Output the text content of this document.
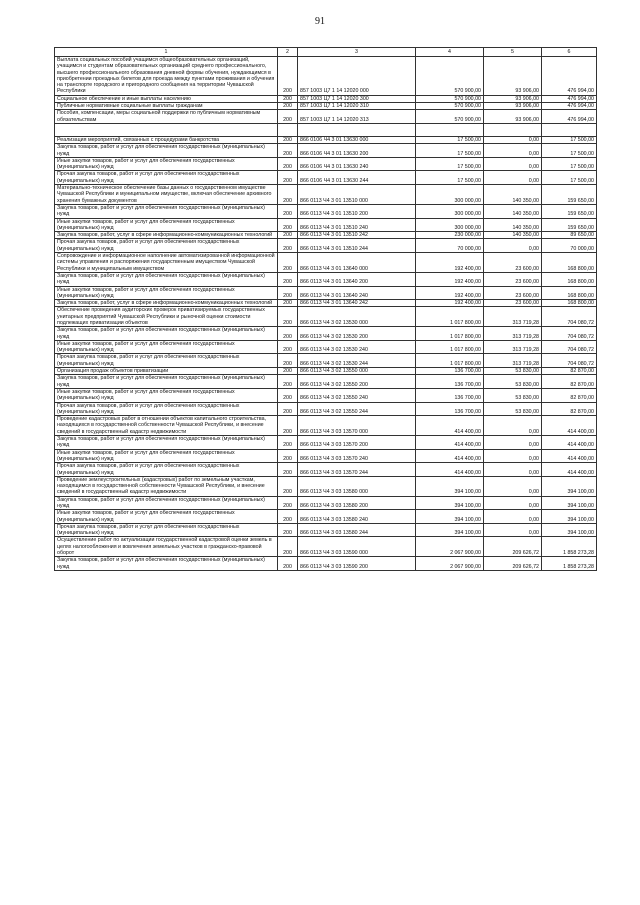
91
1	2	3	4	5	6
Выплата социальных пособий учащимся общеобразовательных организаций, учащимся и студентам образовательных организаций среднего профессионального, высшего профессионального образования дневной формы обучения, нуждающимся в приобретении проездных билетов для проезда между пунктами проживания и обучения на транспорте городского и пригородного сообщения на территории Чувашской Республики	200	857 1003 Ц7 1 14 12020 000	570 900,00	93 906,00	476 994,00
Социальное обеспечение и иные выплаты населению	200	857 1003 Ц7 1 14 12020 300	570 900,00	93 906,00	476 994,00
Публичные нормативные социальные выплаты гражданам	200	857 1003 Ц7 1 14 12020 310	570 900,00	93 906,00	476 994,00
Пособия, компенсации, меры социальной поддержки по публичным нормативным обязательствам	200	857 1003 Ц7 1 14 12020 313	570 900,00	93 906,00	476 994,00

Реализация мероприятий, связанных с процедурами банкротства	200	866 0106 Ч4 3 01 13630 000	17 500,00	0,00	17 500,00
Закупка товаров, работ и услуг для обеспечения государственных (муниципальных) нужд	200	866 0106 Ч4 3 01 13630 200	17 500,00	0,00	17 500,00
Иные закупки товаров, работ и услуг для обеспечения государственных (муниципальных) нужд	200	866 0106 Ч4 3 01 13630 240	17 500,00	0,00	17 500,00
Прочая закупка товаров, работ и услуг для обеспечения государственных (муниципальных) нужд	200	866 0106 Ч4 3 01 13630 244	17 500,00	0,00	17 500,00
Материально-техническое обеспечение базы данных о государственном имуществе Чувашской Республики и муниципальном имуществе, включая обеспечение архивного хранения бумажных документов	200	866 0113 Ч4 3 01 13510 000	300 000,00	140 350,00	159 650,00
Закупка товаров, работ и услуг для обеспечения государственных (муниципальных) нужд	200	866 0113 Ч4 3 01 13510 200	300 000,00	140 350,00	159 650,00
Иные закупки товаров, работ и услуг для обеспечения государственных (муниципальных) нужд	200	866 0113 Ч4 3 01 13510 240	300 000,00	140 350,00	159 650,00
Закупка товаров, работ, услуг в сфере информационно-коммуникационных технологий	200	866 0113 Ч4 3 01 13510 242	230 000,00	140 350,00	89 650,00
Прочая закупка товаров, работ и услуг для обеспечения государственных (муниципальных) нужд	200	866 0113 Ч4 3 01 13510 244	70 000,00	0,00	70 000,00
Сопровождение и информационное наполнение автоматизированной информационной системы управления и распоряжения государственным имуществом Чувашской Республики и муниципальным имуществом	200	866 0113 Ч4 3 01 13640 000	192 400,00	23 600,00	168 800,00
Закупка товаров, работ и услуг для обеспечения государственных (муниципальных) нужд	200	866 0113 Ч4 3 01 13640 200	192 400,00	23 600,00	168 800,00
Иные закупки товаров, работ и услуг для обеспечения государственных (муниципальных) нужд	200	866 0113 Ч4 3 01 13640 240	192 400,00	23 600,00	168 800,00
Закупка товаров, работ, услуг в сфере информационно-коммуникационных технологий	200	866 0113 Ч4 3 01 13640 242	192 400,00	23 600,00	168 800,00
Обеспечение проведения аудиторских проверок приватизируемых государственных унитарных предприятий Чувашской Республики и рыночной оценки стоимости подлежащих приватизации объектов	200	866 0113 Ч4 3 02 13530 000	1 017 800,00	313 719,28	704 080,72
Закупка товаров, работ и услуг для обеспечения государственных (муниципальных) нужд	200	866 0113 Ч4 3 02 13530 200	1 017 800,00	313 719,28	704 080,72
Иные закупки товаров, работ и услуг для обеспечения государственных (муниципальных) нужд	200	866 0113 Ч4 3 02 13530 240	1 017 800,00	313 719,28	704 080,72
Прочая закупка товаров, работ и услуг для обеспечения государственных (муниципальных) нужд	200	866 0113 Ч4 3 02 13530 244	1 017 800,00	313 719,28	704 080,72
Организация продаж объектов приватизации	200	866 0113 Ч4 3 02 13550 000	136 700,00	53 830,00	82 870,00
Закупка товаров, работ и услуг для обеспечения государственных (муниципальных) нужд	200	866 0113 Ч4 3 02 13550 200	136 700,00	53 830,00	82 870,00
Иные закупки товаров, работ и услуг для обеспечения государственных (муниципальных) нужд	200	866 0113 Ч4 3 02 13550 240	136 700,00	53 830,00	82 870,00
Прочая закупка товаров, работ и услуг для обеспечения государственных (муниципальных) нужд	200	866 0113 Ч4 3 02 13550 244	136 700,00	53 830,00	82 870,00
Проведение кадастровых работ в отношении объектов капитального строительства, находящихся в государственной собственности Чувашской Республики, и внесение сведений в государственный кадастр недвижимости	200	866 0113 Ч4 3 03 13570 000	414 400,00	0,00	414 400,00
Закупка товаров, работ и услуг для обеспечения государственных (муниципальных) нужд	200	866 0113 Ч4 3 03 13570 200	414 400,00	0,00	414 400,00
Иные закупки товаров, работ и услуг для обеспечения государственных (муниципальных) нужд	200	866 0113 Ч4 3 03 13570 240	414 400,00	0,00	414 400,00
Прочая закупка товаров, работ и услуг для обеспечения государственных (муниципальных) нужд	200	866 0113 Ч4 3 03 13570 244	414 400,00	0,00	414 400,00
Проведение землеустроительных (кадастровых) работ по земельным участкам, находящимся в государственной собственности Чувашской Республики, и внесение сведений в государственный кадастр недвижимости	200	866 0113 Ч4 3 03 13580 000	394 100,00	0,00	394 100,00
Закупка товаров, работ и услуг для обеспечения государственных (муниципальных) нужд	200	866 0113 Ч4 3 03 13580 200	394 100,00	0,00	394 100,00
Иные закупки товаров, работ и услуг для обеспечения государственных (муниципальных) нужд	200	866 0113 Ч4 3 03 13580 240	394 100,00	0,00	394 100,00
Прочая закупка товаров, работ и услуг для обеспечения государственных (муниципальных) нужд	200	866 0113 Ч4 3 03 13580 244	394 100,00	0,00	394 100,00
Осуществление работ по актуализации государственной кадастровой оценки земель в целях налогообложения и вовлечения земельных участков в гражданско-правовой оборот	200	866 0113 Ч4 3 03 13590 000	2 067 900,00	209 626,72	1 858 273,28
Закупка товаров, работ и услуг для обеспечения государственных (муниципальных) нужд	200	866 0113 Ч4 3 03 13590 200	2 067 900,00	209 626,72	1 858 273,28
